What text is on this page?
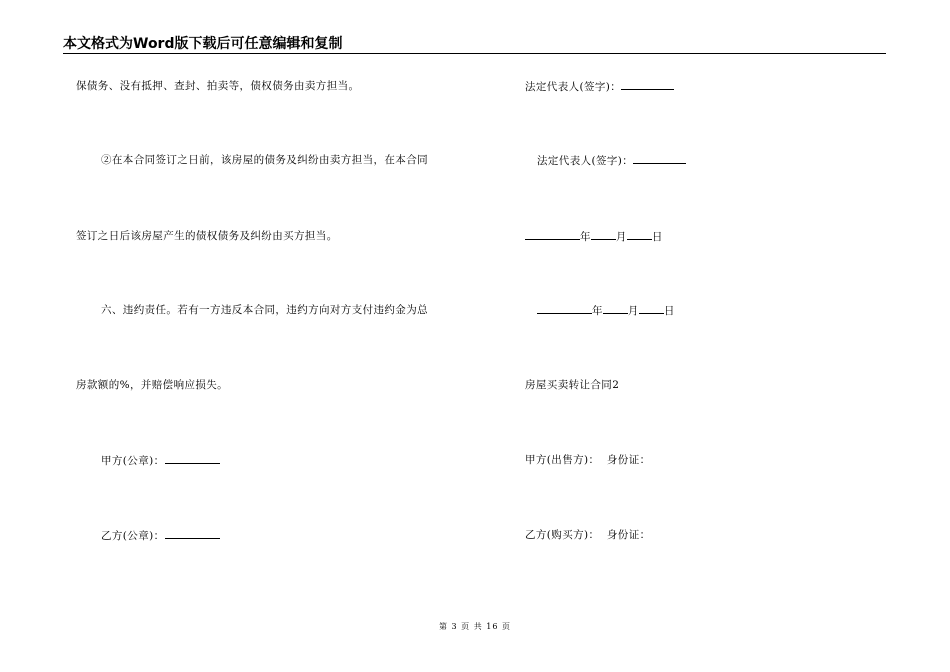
本文格式为Word版下载后可任意编辑和复制
保债务、没有抵押、查封、拍卖等，债权债务由卖方担当。
②在本合同签订之日前，该房屋的债务及纠纷由卖方担当，在本合同
签订之日后该房屋产生的债权债务及纠纷由买方担当。
六、违约责任。若有一方违反本合同，违约方向对方支付违约金为总
房款额的%，并赔偿响应损失。
甲方(公章)：
乙方(公章)：
法定代表人(签字)：
法定代表人(签字)：
年 月 日
年 月 日
房屋买卖转让合同2
甲方(出售方)： 身份证：
乙方(购买方)： 身份证：
第 3 页 共 16 页
